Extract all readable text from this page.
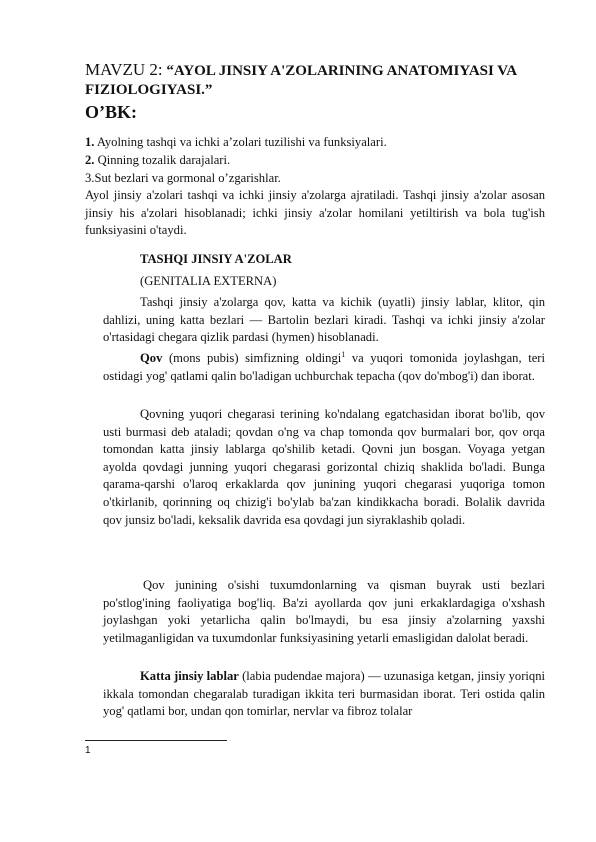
MAVZU 2: “AYOL JINSIY A'ZOLARINING ANATOMIYASI VA FIZIOLOGIYASI.”
O’BK:
1. Ayolning tashqi va ichki a’zolari tuzilishi va funksiyalari.
2. Qinning tozalik darajalari.
3.Sut bezlari va gormonal o’zgarishlar.

Ayol jinsiy a'zolari tashqi va ichki jinsiy a'zolarga ajratiladi. Tashqi jinsiy a'zolar asosan jinsiy his a'zolari hisoblanadi; ichki jinsiy a'zolar homilani yetiltirish va bola tug'ish funksiyasini o'taydi.

TASHQI JINSIY A'ZOLAR

(GENITALIA EXTERNA)

Tashqi jinsiy a'zolarga qov, katta va kichik (uyatli) jinsiy lablar, klitor, qin dahlizi, uning katta bezlari — Bartolin bezlari kiradi. Tashqi va ichki jinsiy a'zolar o'rtasidagi chegara qizlik pardasi (hymen) hisoblanadi.

Qov (mons pubis) simfizning oldingi$^1$ va yuqori tomonida joylashgan, teri ostidagi yog' qatlami qalin bo'ladigan uchburchak tepacha (qov do'mbog'i) dan iborat.

Qovning yuqori chegarasi terining ko'ndalang egatchasidan iborat bo'lib, qov usti burmasi deb ataladi; qovdan o'ng va chap tomonda qov burmalari bor, qov orqa tomondan katta jinsiy lablarga qo'shilib ketadi. Qovni jun bosgan. Voyaga yetgan ayolda qovdagi junning yuqori chegarasi gorizontal chiziq shaklida bo'ladi. Bunga qarama-qarshi o'laroq erkaklarda qov junining yuqori chegarasi yuqoriga tomon o'tkirlanib, qorinning oq chizig'i bo'ylab ba'zan kindikkacha boradi. Bolalik davrida qov junsiz bo'ladi, keksalik davrida esa qovdagi jun siyraklashib qoladi.

Qov junining o'sishi tuxumdonlarning va qisman buyrak usti bezlari po'stlog'ining faoliyatiga bog'liq. Ba'zi ayollarda qov juni erkaklardagiga o'xshash joylashgan yoki yetarlicha qalin bo'lmaydi, bu esa jinsiy a'zolarning yaxshi yetilmaganligidan va tuxumdonlar funksiyasining yetarli emasligidan dalolat beradi.

Katta jinsiy lablar (labia pudendae majora) — uzunasiga ketgan, jinsiy yoriqni ikkala tomondan chegaralab turadigan ikkita teri burmasidan iborat. Teri ostida qalin yog' qatlami bor, undan qon tomirlar, nervlar va fibroz tolalar

1
